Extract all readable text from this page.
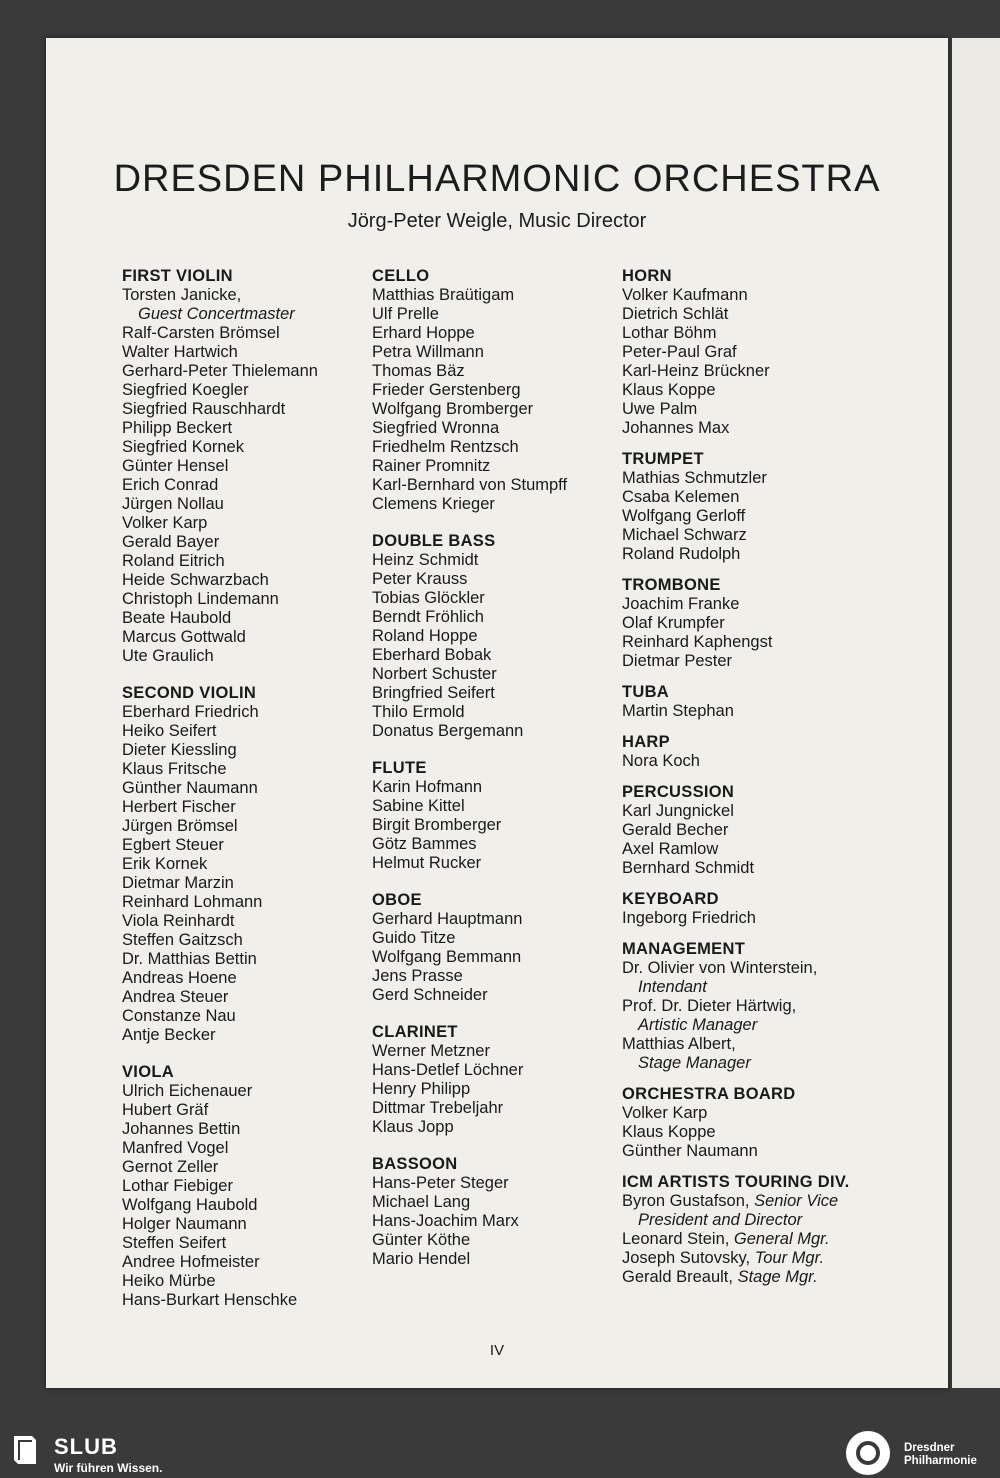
DRESDEN PHILHARMONIC ORCHESTRA
Jörg-Peter Weigle, Music Director
FIRST VIOLIN
Torsten Janicke,
Guest Concertmaster
Ralf-Carsten Brömsel
Walter Hartwich
Gerhard-Peter Thielemann
Siegfried Koegler
Siegfried Rauschhardt
Philipp Beckert
Siegfried Kornek
Günter Hensel
Erich Conrad
Jürgen Nollau
Volker Karp
Gerald Bayer
Roland Eitrich
Heide Schwarzbach
Christoph Lindemann
Beate Haubold
Marcus Gottwald
Ute Graulich
SECOND VIOLIN
Eberhard Friedrich
Heiko Seifert
Dieter Kiessling
Klaus Fritsche
Günther Naumann
Herbert Fischer
Jürgen Brömsel
Egbert Steuer
Erik Kornek
Dietmar Marzin
Reinhard Lohmann
Viola Reinhardt
Steffen Gaitzsch
Dr. Matthias Bettin
Andreas Hoene
Andrea Steuer
Constanze Nau
Antje Becker
VIOLA
Ulrich Eichenauer
Hubert Gräf
Johannes Bettin
Manfred Vogel
Gernot Zeller
Lothar Fiebiger
Wolfgang Haubold
Holger Naumann
Steffen Seifert
Andree Hofmeister
Heiko Mürbe
Hans-Burkart Henschke
CELLO
Matthias Braütigam
Ulf Prelle
Erhard Hoppe
Petra Willmann
Thomas Bäz
Frieder Gerstenberg
Wolfgang Bromberger
Siegfried Wronna
Friedhelm Rentzsch
Rainer Promnitz
Karl-Bernhard von Stumpff
Clemens Krieger
DOUBLE BASS
Heinz Schmidt
Peter Krauss
Tobias Glöckler
Berndt Fröhlich
Roland Hoppe
Eberhard Bobak
Norbert Schuster
Bringfried Seifert
Thilo Ermold
Donatus Bergemann
FLUTE
Karin Hofmann
Sabine Kittel
Birgit Bromberger
Götz Bammes
Helmut Rucker
OBOE
Gerhard Hauptmann
Guido Titze
Wolfgang Bemmann
Jens Prasse
Gerd Schneider
CLARINET
Werner Metzner
Hans-Detlef Löchner
Henry Philipp
Dittmar Trebeljahr
Klaus Jopp
BASSOON
Hans-Peter Steger
Michael Lang
Hans-Joachim Marx
Günter Köthe
Mario Hendel
HORN
Volker Kaufmann
Dietrich Schlät
Lothar Böhm
Peter-Paul Graf
Karl-Heinz Brückner
Klaus Koppe
Uwe Palm
Johannes Max
TRUMPET
Mathias Schmutzler
Csaba Kelemen
Wolfgang Gerloff
Michael Schwarz
Roland Rudolph
TROMBONE
Joachim Franke
Olaf Krumpfer
Reinhard Kaphengst
Dietmar Pester
TUBA
Martin Stephan
HARP
Nora Koch
PERCUSSION
Karl Jungnickel
Gerald Becher
Axel Ramlow
Bernhard Schmidt
KEYBOARD
Ingeborg Friedrich
MANAGEMENT
Dr. Olivier von Winterstein,
Intendant
Prof. Dr. Dieter Härtwig,
Artistic Manager
Matthias Albert,
Stage Manager
ORCHESTRA BOARD
Volker Karp
Klaus Koppe
Günther Naumann
ICM ARTISTS TOURING DIV.
Byron Gustafson, Senior Vice
President and Director
Leonard Stein, General Mgr.
Joseph Sutovsky, Tour Mgr.
Gerald Breault, Stage Mgr.
IV
SLUB
Wir führen Wissen.
Dresdner
Philharmonie
